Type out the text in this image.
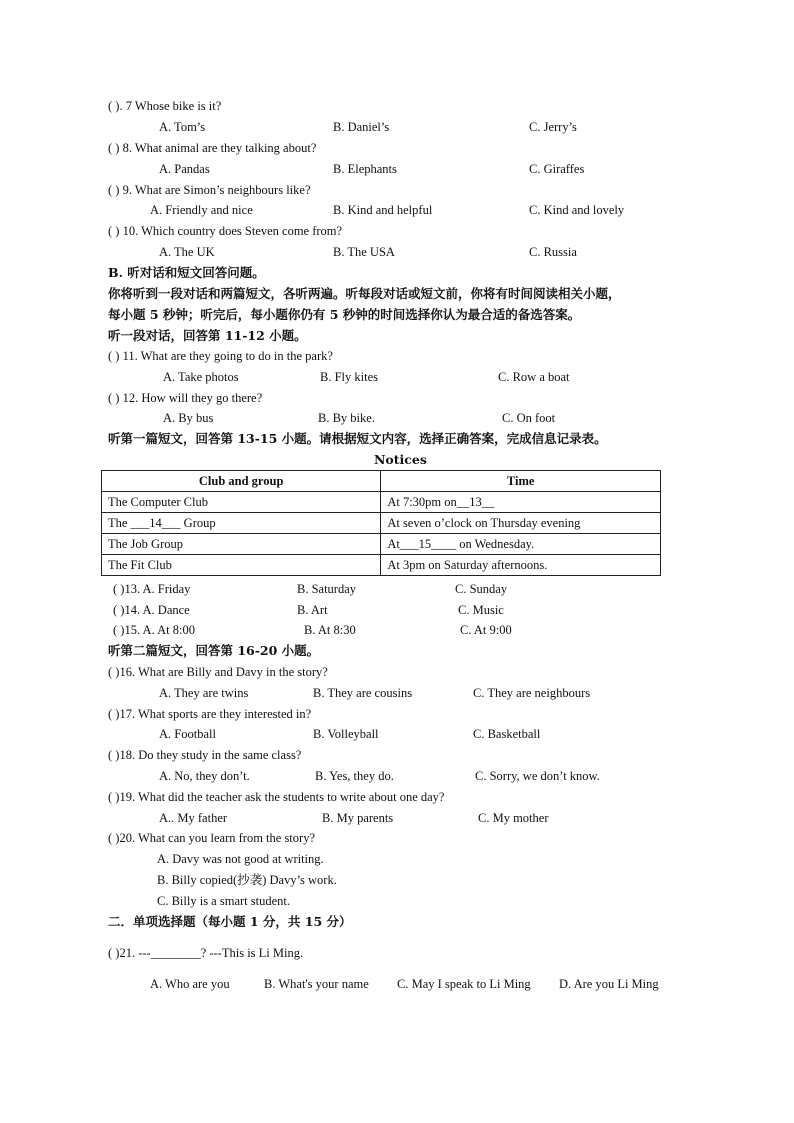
( ). 7 Whose bike is it?
A. Tom’s	B. Daniel’s	C. Jerry’s
( ) 8. What animal are they talking about?
A. Pandas	B. Elephants	C. Giraffes
( ) 9. What are Simon’s neighbours like?
A. Friendly and nice	B. Kind and helpful	C. Kind and lovely
( ) 10. Which country does Steven come from?
A. The UK	B. The USA	C. Russia
B. 听对话和短文回答问题。
你将听到一段对话和两篇短文，各听两遍。听每段对话或短文前，你将有时间阅读相关小题，
每小题 5 秒钟；听完后，每小题你仍有 5 秒钟的时间选择你认为最合适的备选答案。
听一段对话，回答第 11-12 小题。
( ) 11. What are they going to do in the park?
A. Take photos	B. Fly kites	C. Row a boat
( ) 12. How will they go there?
A. By bus	B. By bike.	C. On foot
听第一篇短文，回答第 13-15 小题。请根据短文内容，选择正确答案，完成信息记录表。
Notices
Club and group	Time
The Computer Club	At 7:30pm on__13__
The ___14___ Group	At seven o’clock on Thursday evening
The Job Group	At___15____ on Wednesday.
The Fit Club	At 3pm on Saturday afternoons.
( )13. A. Friday	B. Saturday	C. Sunday
( )14. A. Dance	B. Art	C. Music
( )15. A. At 8:00	B. At 8:30	C. At 9:00
听第二篇短文，回答第 16-20 小题。
( )16. What are Billy and Davy in the story?
A. They are twins	B. They are cousins	C. They are neighbours
( )17. What sports are they interested in?
A. Football	B. Volleyball	C. Basketball
( )18. Do they study in the same class?
A. No, they don’t.	B. Yes, they do.	C. Sorry, we don’t know.
( )19. What did the teacher ask the students to write about one day?
A.. My father	B. My parents	C. My mother
( )20. What can you learn from the story?
A. Davy was not good at writing.
B. Billy copied(抄袭) Davy’s work.
C. Billy is a smart student.
二．单项选择题（每小题 1 分，共 15 分）
( )21. ---________? ---This is Li Ming.
A. Who are you	B. What's your name C. May I speak to Li Ming D. Are you Li Ming
